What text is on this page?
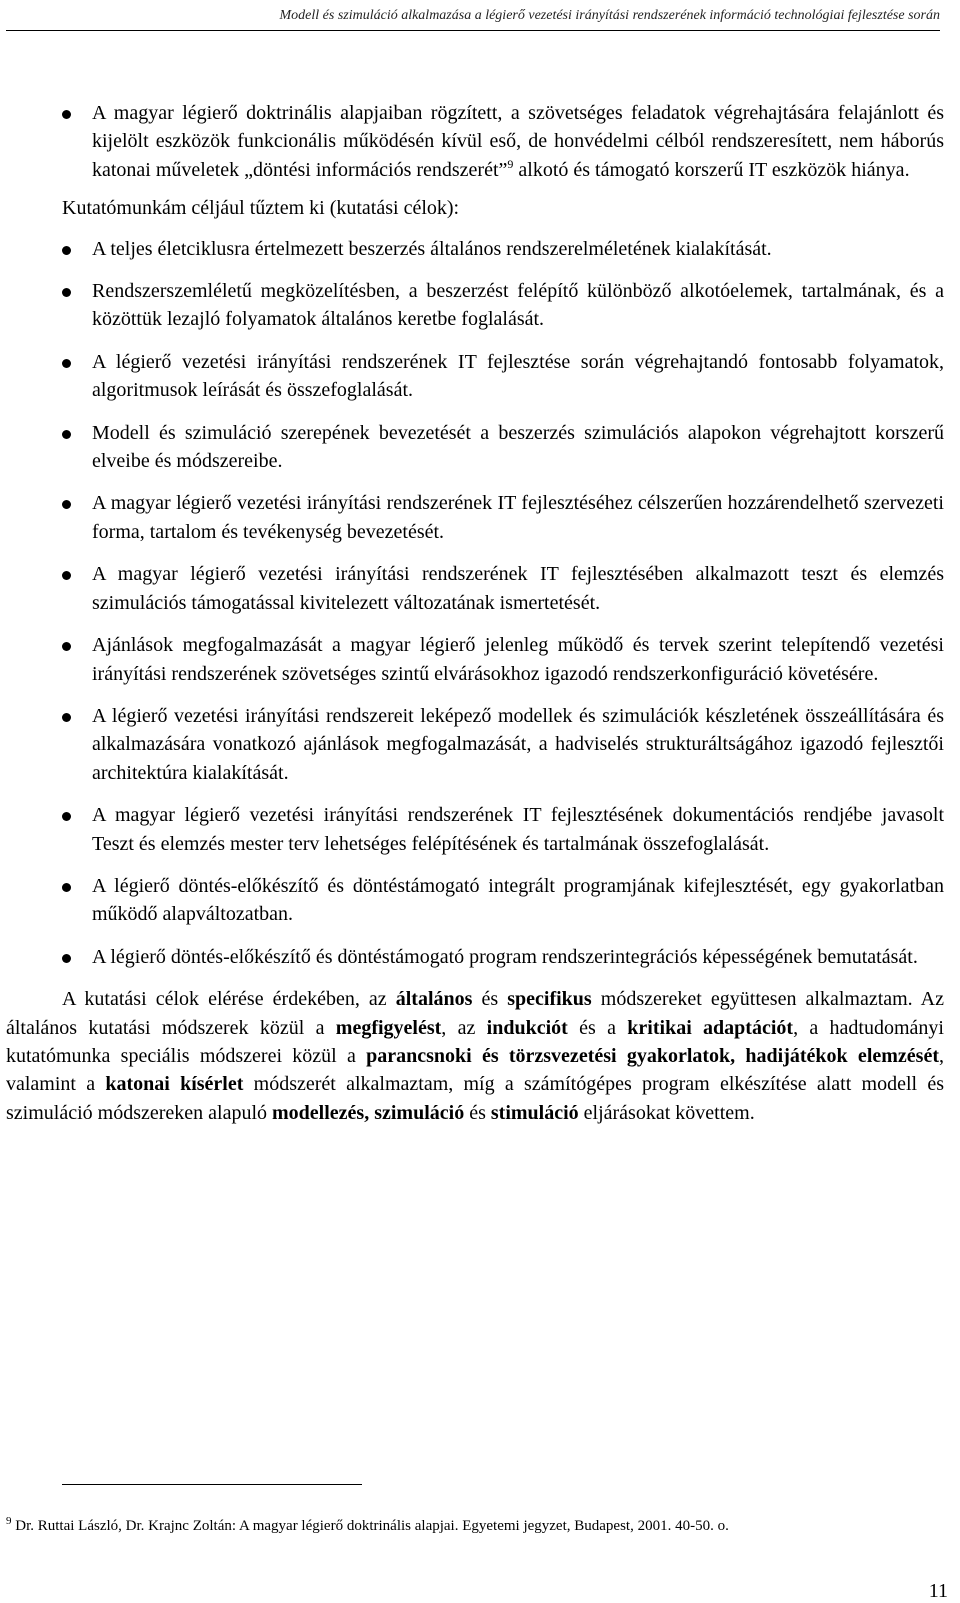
Modell és szimuláció alkalmazása a légierő vezetési irányítási rendszerének információ technológiai fejlesztése során
A magyar légierő doktrinális alapjaiban rögzített, a szövetséges feladatok végrehajtására felajánlott és kijelölt eszközök funkcionális működésén kívül eső, de honvédelmi célból rendszeresített, nem háborús katonai műveletek „döntési információs rendszerét”$^9$ alkotó és támogató korszerű IT eszközök hiánya.
Kutatómunkám céljául tűztem ki (kutatási célok):
A teljes életciklusra értelmezett beszerzés általános rendszerelméletének kialakítását.
Rendszerszemléletű megközelítésben, a beszerzést felépítő különböző alkotóelemek, tartalmának, és a közöttük lezajló folyamatok általános keretbe foglalását.
A légierő vezetési irányítási rendszerének IT fejlesztése során végrehajtandó fontosabb folyamatok, algoritmusok leírását és összefoglalását.
Modell és szimuláció szerepének bevezetését a beszerzés szimulációs alapokon végrehajtott korszerű elveibe és módszereibe.
A magyar légierő vezetési irányítási rendszerének IT fejlesztéséhez célszerűen hozzárendelhető szervezeti forma, tartalom és tevékenység bevezetését.
A magyar légierő vezetési irányítási rendszerének IT fejlesztésében alkalmazott teszt és elemzés szimulációs támogatással kivitelezett változatának ismertetését.
Ajánlások megfogalmazását a magyar légierő jelenleg működő és tervek szerint telepítendő vezetési irányítási rendszerének szövetséges szintű elvárásokhoz igazodó rendszerkonfiguráció követésére.
A légierő vezetési irányítási rendszereit leképező modellek és szimulációk készletének összeállítására és alkalmazására vonatkozó ajánlások megfogalmazását, a hadviselés strukturáltságához igazodó fejlesztői architektúra kialakítását.
A magyar légierő vezetési irányítási rendszerének IT fejlesztésének dokumentációs rendjébe javasolt Teszt és elemzés mester terv lehetséges felépítésének és tartalmának összefoglalását.
A légierő döntés-előkészítő és döntéstámogató integrált programjának kifejlesztését, egy gyakorlatban működő alapváltozatban.
A légierő döntés-előkészítő és döntéstámogató program rendszerintegrációs képességének bemutatását.
A kutatási célok elérése érdekében, az általános és specifikus módszereket együttesen alkalmaztam. Az általános kutatási módszerek közül a megfigyelést, az indukciót és a kritikai adaptációt, a hadtudományi kutatómunka speciális módszerei közül a parancsnoki és törzsvezetési gyakorlatok, hadijátékok elemzését, valamint a katonai kísérlet módszerét alkalmaztam, míg a számítógépes program elkészítése alatt modell és szimuláció módszereken alapuló modellezés, szimuláció és stimuláció eljárásokat követtem.
$^9$ Dr. Ruttai László, Dr. Krajnc Zoltán: A magyar légierő doktrinális alapjai. Egyetemi jegyzet, Budapest, 2001. 40-50. o.
11
